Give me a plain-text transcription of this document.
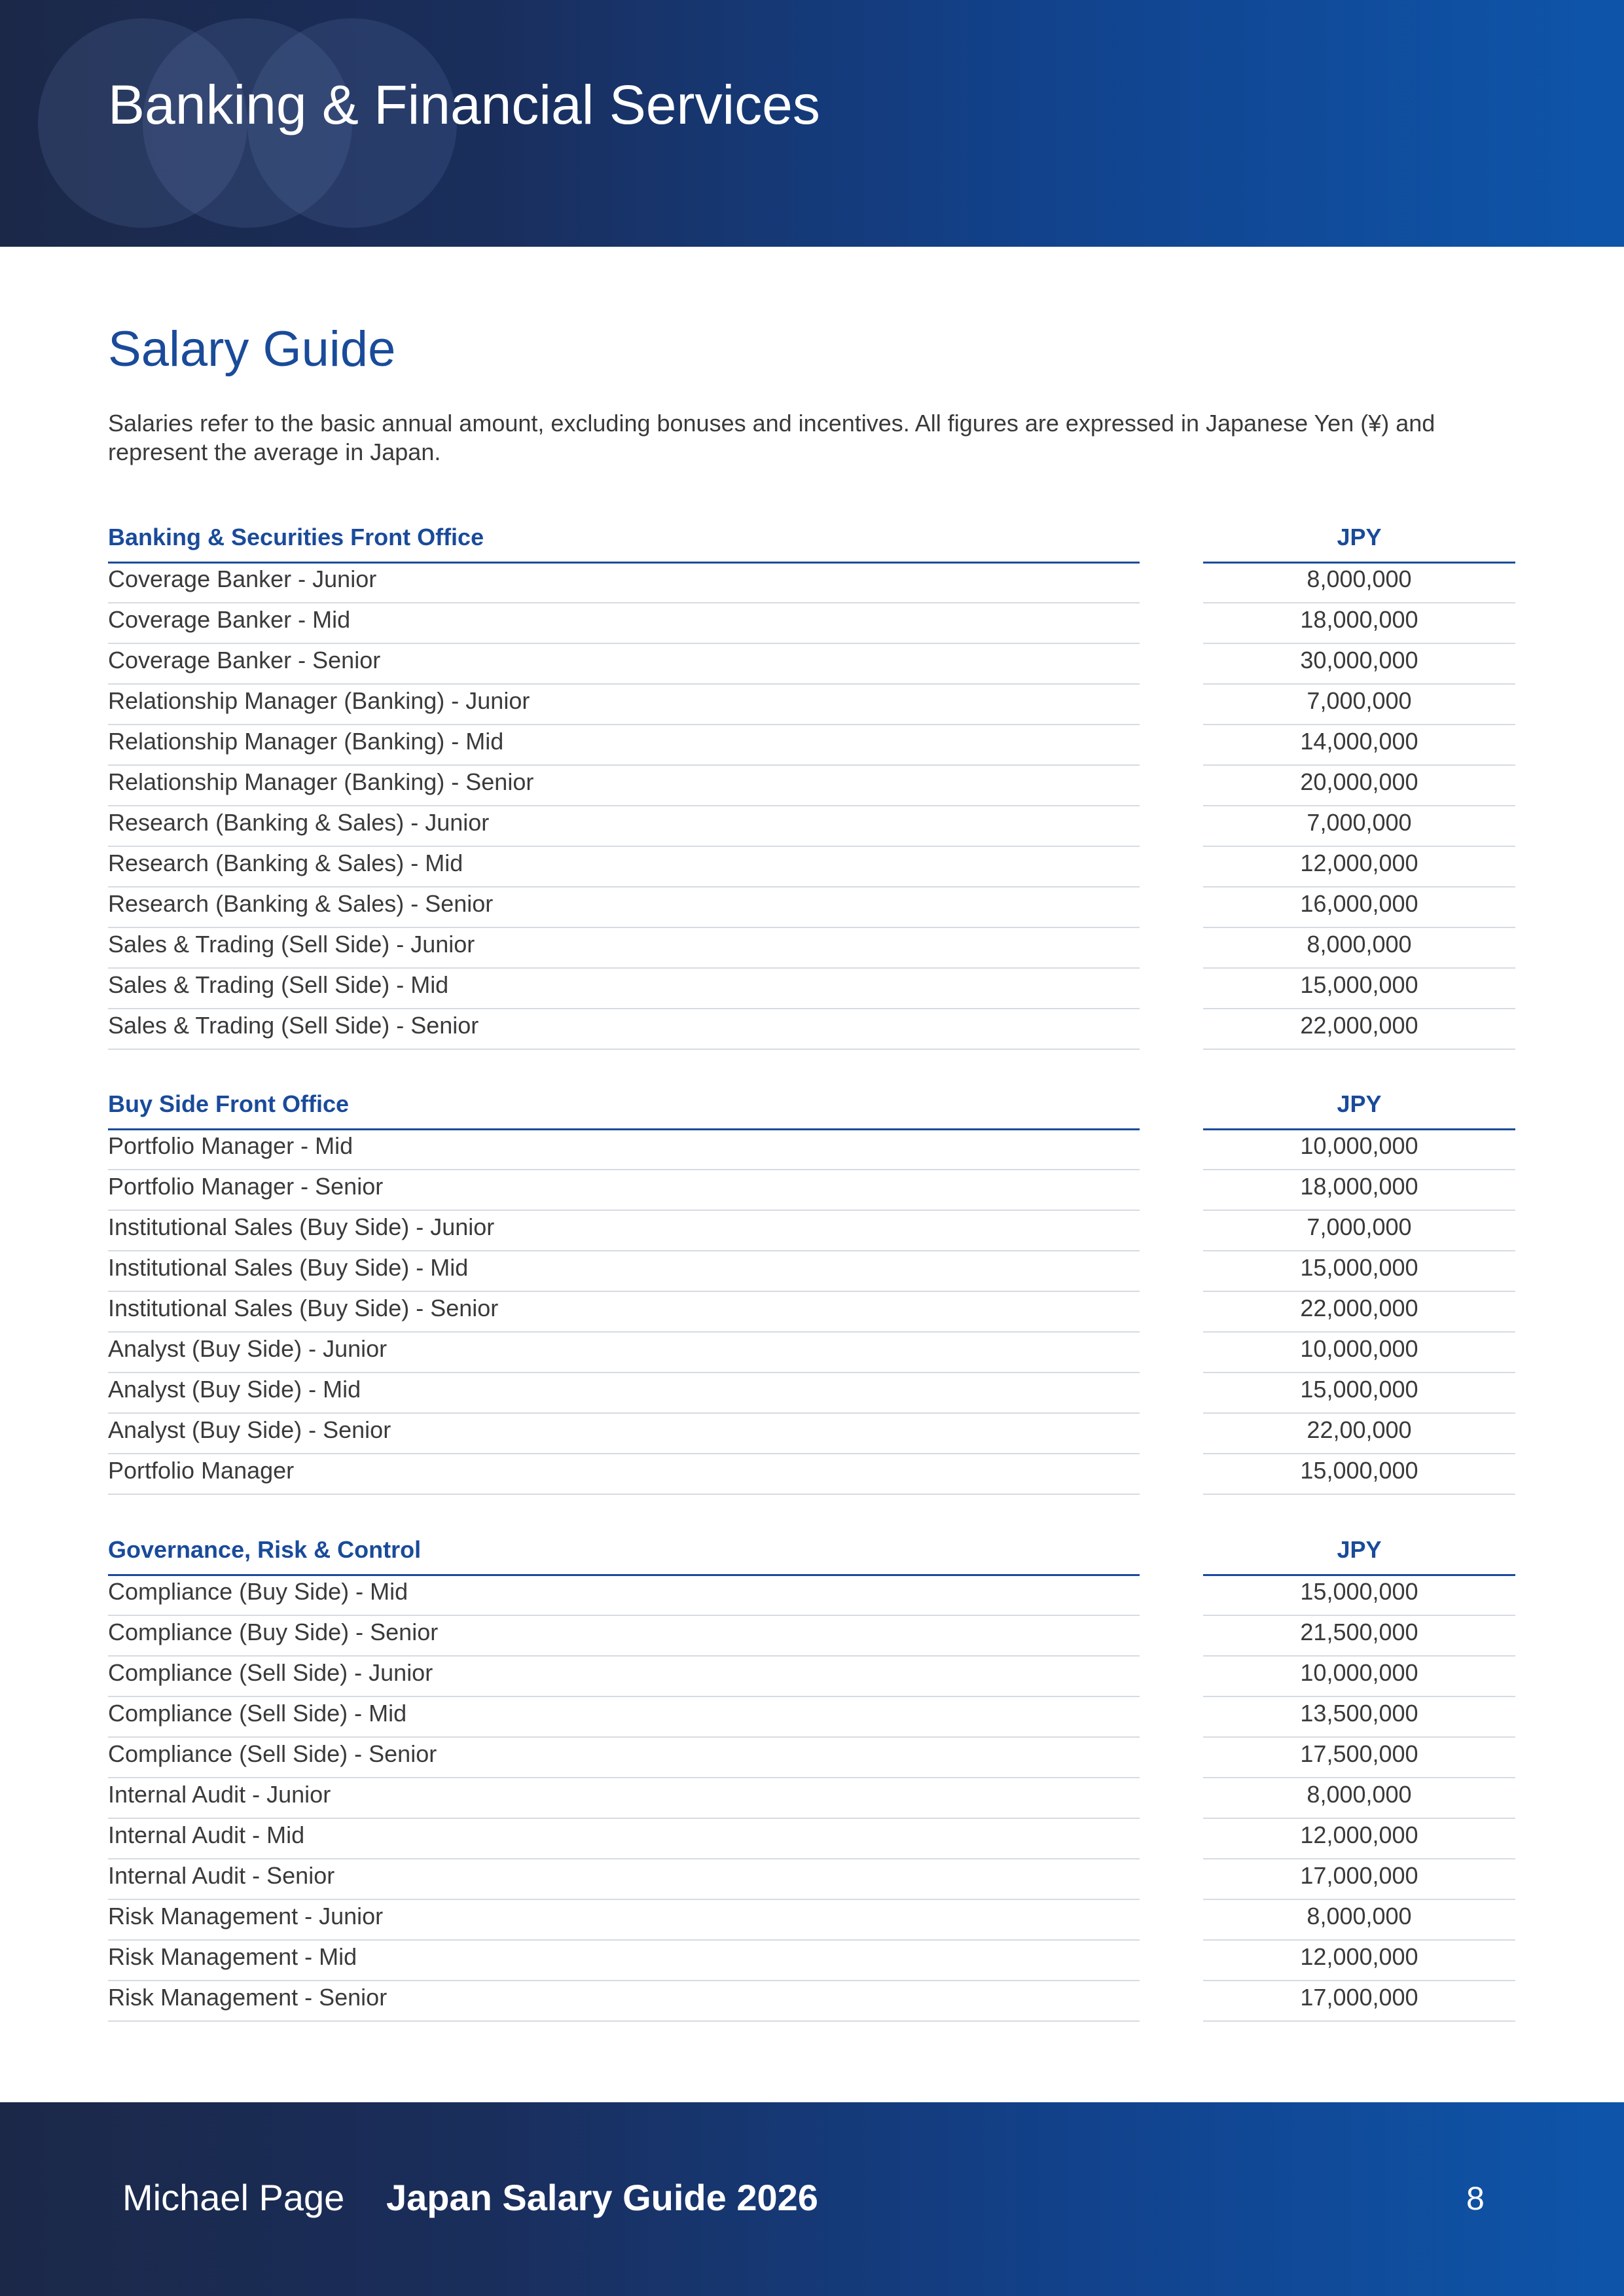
Banking & Financial Services
Salary Guide
Salaries refer to the basic annual amount, excluding bonuses and incentives. All figures are expressed in Japanese Yen (¥) and represent the average in Japan.
Banking & Securities Front Office	JPY
Coverage Banker - Junior	8,000,000
Coverage Banker - Mid	18,000,000
Coverage Banker - Senior	30,000,000
Relationship Manager (Banking) - Junior	7,000,000
Relationship Manager (Banking) - Mid	14,000,000
Relationship Manager (Banking) - Senior	20,000,000
Research (Banking & Sales) - Junior	7,000,000
Research (Banking & Sales) - Mid	12,000,000
Research (Banking & Sales) - Senior	16,000,000
Sales & Trading (Sell Side) - Junior	8,000,000
Sales & Trading (Sell Side) - Mid	15,000,000
Sales & Trading (Sell Side) - Senior	22,000,000
Buy Side Front Office	JPY
Portfolio Manager - Mid	10,000,000
Portfolio Manager - Senior	18,000,000
Institutional Sales (Buy Side) - Junior	7,000,000
Institutional Sales (Buy Side) - Mid	15,000,000
Institutional Sales (Buy Side) - Senior	22,000,000
Analyst (Buy Side) - Junior	10,000,000
Analyst (Buy Side) - Mid	15,000,000
Analyst (Buy Side) - Senior	22,00,000
Portfolio Manager	15,000,000
Governance, Risk & Control	JPY
Compliance (Buy Side) - Mid	15,000,000
Compliance (Buy Side) - Senior	21,500,000
Compliance (Sell Side) - Junior	10,000,000
Compliance (Sell Side) - Mid	13,500,000
Compliance (Sell Side) - Senior	17,500,000
Internal Audit - Junior	8,000,000
Internal Audit - Mid	12,000,000
Internal Audit - Senior	17,000,000
Risk Management - Junior	8,000,000
Risk Management - Mid	12,000,000
Risk Management - Senior	17,000,000
Michael Page Japan Salary Guide 2026	8
